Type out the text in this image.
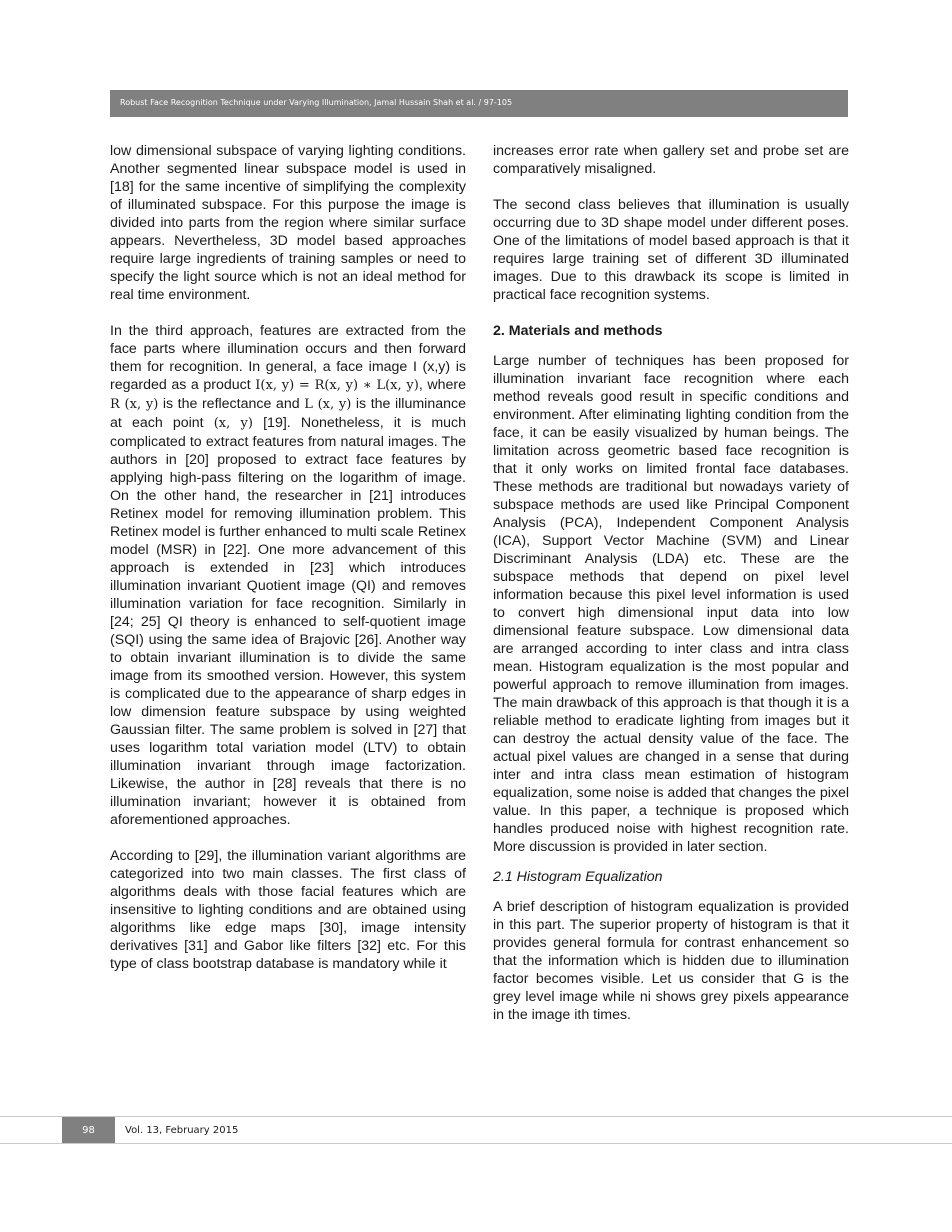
Robust Face Recognition Technique under Varying Illumination, Jamal Hussain Shah et al. / 97-105

low dimensional subspace of varying lighting conditions. Another segmented linear subspace model is used in [18] for the same incentive of simplifying the complexity of illuminated subspace. For this purpose the image is divided into parts from the region where similar surface appears. Nevertheless, 3D model based approaches require large ingredients of training samples or need to specify the light source which is not an ideal method for real time environment.

In the third approach, features are extracted from the face parts where illumination occurs and then forward them for recognition. In general, a face image I (x,y) is regarded as a product I(x, y) = R(x, y) ∗ L(x, y), where R (x, y) is the reflectance and L (x, y) is the illuminance at each point (x, y) [19]. Nonetheless, it is much complicated to extract features from natural images. The authors in [20] proposed to extract face features by applying high-pass filtering on the logarithm of image. On the other hand, the researcher in [21] introduces Retinex model for removing illumination problem. This Retinex model is further enhanced to multi scale Retinex model (MSR) in [22]. One more advancement of this approach is extended in [23] which introduces illumination invariant Quotient image (QI) and removes illumination variation for face recognition. Similarly in [24; 25] QI theory is enhanced to self-quotient image (SQI) using the same idea of Brajovic [26]. Another way to obtain invariant illumination is to divide the same image from its smoothed version. However, this system is complicated due to the appearance of sharp edges in low dimension feature subspace by using weighted Gaussian filter. The same problem is solved in [27] that uses logarithm total variation model (LTV) to obtain illumination invariant through image factorization. Likewise, the author in [28] reveals that there is no illumination invariant; however it is obtained from aforementioned approaches.

According to [29], the illumination variant algorithms are categorized into two main classes. The first class of algorithms deals with those facial features which are insensitive to lighting conditions and are obtained using algorithms like edge maps [30], image intensity derivatives [31] and Gabor like filters [32] etc. For this type of class bootstrap database is mandatory while it

increases error rate when gallery set and probe set are comparatively misaligned.

The second class believes that illumination is usually occurring due to 3D shape model under different poses. One of the limitations of model based approach is that it requires large training set of different 3D illuminated images. Due to this drawback its scope is limited in practical face recognition systems.

2. Materials and methods

Large number of techniques has been proposed for illumination invariant face recognition where each method reveals good result in specific conditions and environment. After eliminating lighting condition from the face, it can be easily visualized by human beings. The limitation across geometric based face recognition is that it only works on limited frontal face databases. These methods are traditional but nowadays variety of subspace methods are used like Principal Component Analysis (PCA), Independent Component Analysis (ICA), Support Vector Machine (SVM) and Linear Discriminant Analysis (LDA) etc. These are the subspace methods that depend on pixel level information because this pixel level information is used to convert high dimensional input data into low dimensional feature subspace. Low dimensional data are arranged according to inter class and intra class mean. Histogram equalization is the most popular and powerful approach to remove illumination from images. The main drawback of this approach is that though it is a reliable method to eradicate lighting from images but it can destroy the actual density value of the face. The actual pixel values are changed in a sense that during inter and intra class mean estimation of histogram equalization, some noise is added that changes the pixel value. In this paper, a technique is proposed which handles produced noise with highest recognition rate. More discussion is provided in later section.

2.1 Histogram Equalization

A brief description of histogram equalization is provided in this part. The superior property of histogram is that it provides general formula for contrast enhancement so that the information which is hidden due to illumination factor becomes visible. Let us consider that G is the grey level image while ni shows grey pixels appearance in the image ith times.

98	Vol. 13, February 2015
